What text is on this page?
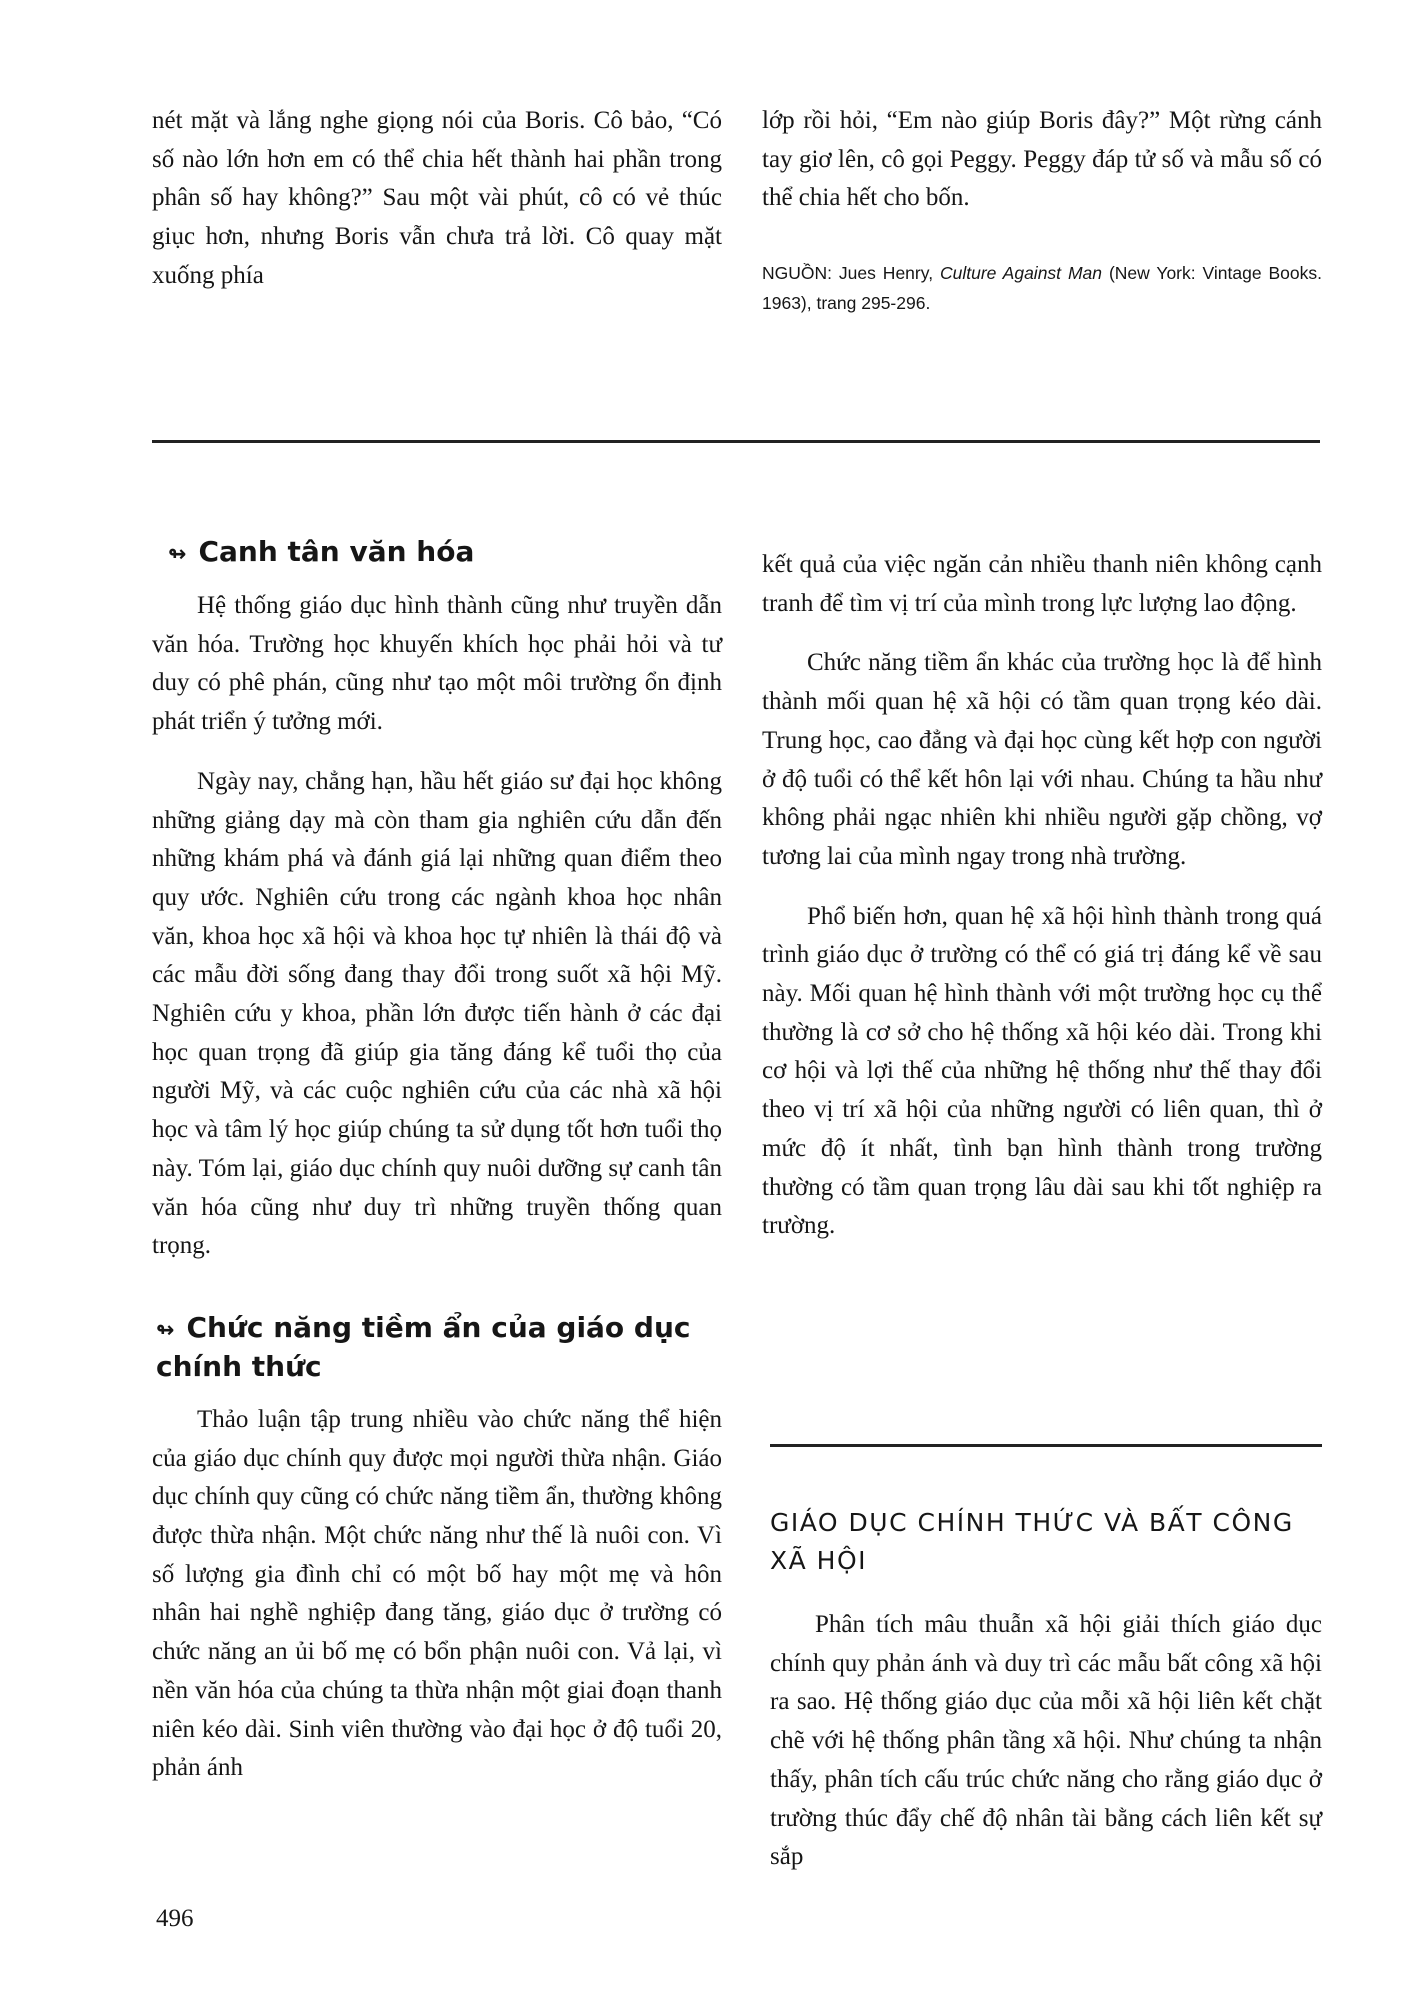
nét mặt và lắng nghe giọng nói của Boris. Cô bảo, “Có số nào lớn hơn em có thể chia hết thành hai phần trong phân số hay không?” Sau một vài phút, cô có vẻ thúc giục hơn, nhưng Boris vẫn chưa trả lời. Cô quay mặt xuống phía

lớp rồi hỏi, “Em nào giúp Boris đây?” Một rừng cánh tay giơ lên, cô gọi Peggy. Peggy đáp tử số và mẫu số có thể chia hết cho bốn.

NGUỒN: Jues Henry, Culture Against Man (New York: Vintage Books. 1963), trang 295-296.

↬ Canh tân văn hóa

Hệ thống giáo dục hình thành cũng như truyền dẫn văn hóa. Trường học khuyến khích học phải hỏi và tư duy có phê phán, cũng như tạo một môi trường ổn định phát triển ý tưởng mới.

Ngày nay, chẳng hạn, hầu hết giáo sư đại học không những giảng dạy mà còn tham gia nghiên cứu dẫn đến những khám phá và đánh giá lại những quan điểm theo quy ước. Nghiên cứu trong các ngành khoa học nhân văn, khoa học xã hội và khoa học tự nhiên là thái độ và các mẫu đời sống đang thay đổi trong suốt xã hội Mỹ. Nghiên cứu y khoa, phần lớn được tiến hành ở các đại học quan trọng đã giúp gia tăng đáng kể tuổi thọ của người Mỹ, và các cuộc nghiên cứu của các nhà xã hội học và tâm lý học giúp chúng ta sử dụng tốt hơn tuổi thọ này. Tóm lại, giáo dục chính quy nuôi dưỡng sự canh tân văn hóa cũng như duy trì những truyền thống quan trọng.

↬ Chức năng tiềm ẩn của giáo dục chính thức

Thảo luận tập trung nhiều vào chức năng thể hiện của giáo dục chính quy được mọi người thừa nhận. Giáo dục chính quy cũng có chức năng tiềm ẩn, thường không được thừa nhận. Một chức năng như thế là nuôi con. Vì số lượng gia đình chỉ có một bố hay một mẹ và hôn nhân hai nghề nghiệp đang tăng, giáo dục ở trường có chức năng an ủi bố mẹ có bổn phận nuôi con. Vả lại, vì nền văn hóa của chúng ta thừa nhận một giai đoạn thanh niên kéo dài. Sinh viên thường vào đại học ở độ tuổi 20, phản ánh

kết quả của việc ngăn cản nhiều thanh niên không cạnh tranh để tìm vị trí của mình trong lực lượng lao động.

Chức năng tiềm ẩn khác của trường học là để hình thành mối quan hệ xã hội có tầm quan trọng kéo dài. Trung học, cao đẳng và đại học cùng kết hợp con người ở độ tuổi có thể kết hôn lại với nhau. Chúng ta hầu như không phải ngạc nhiên khi nhiều người gặp chồng, vợ tương lai của mình ngay trong nhà trường.

Phổ biến hơn, quan hệ xã hội hình thành trong quá trình giáo dục ở trường có thể có giá trị đáng kể về sau này. Mối quan hệ hình thành với một trường học cụ thể thường là cơ sở cho hệ thống xã hội kéo dài. Trong khi cơ hội và lợi thế của những hệ thống như thế thay đổi theo vị trí xã hội của những người có liên quan, thì ở mức độ ít nhất, tình bạn hình thành trong trường thường có tầm quan trọng lâu dài sau khi tốt nghiệp ra trường.

GIÁO DỤC CHÍNH THỨC VÀ BẤT CÔNG XÃ HỘI

Phân tích mâu thuẫn xã hội giải thích giáo dục chính quy phản ánh và duy trì các mẫu bất công xã hội ra sao. Hệ thống giáo dục của mỗi xã hội liên kết chặt chẽ với hệ thống phân tầng xã hội. Như chúng ta nhận thấy, phân tích cấu trúc chức năng cho rằng giáo dục ở trường thúc đẩy chế độ nhân tài bằng cách liên kết sự sắp

496
